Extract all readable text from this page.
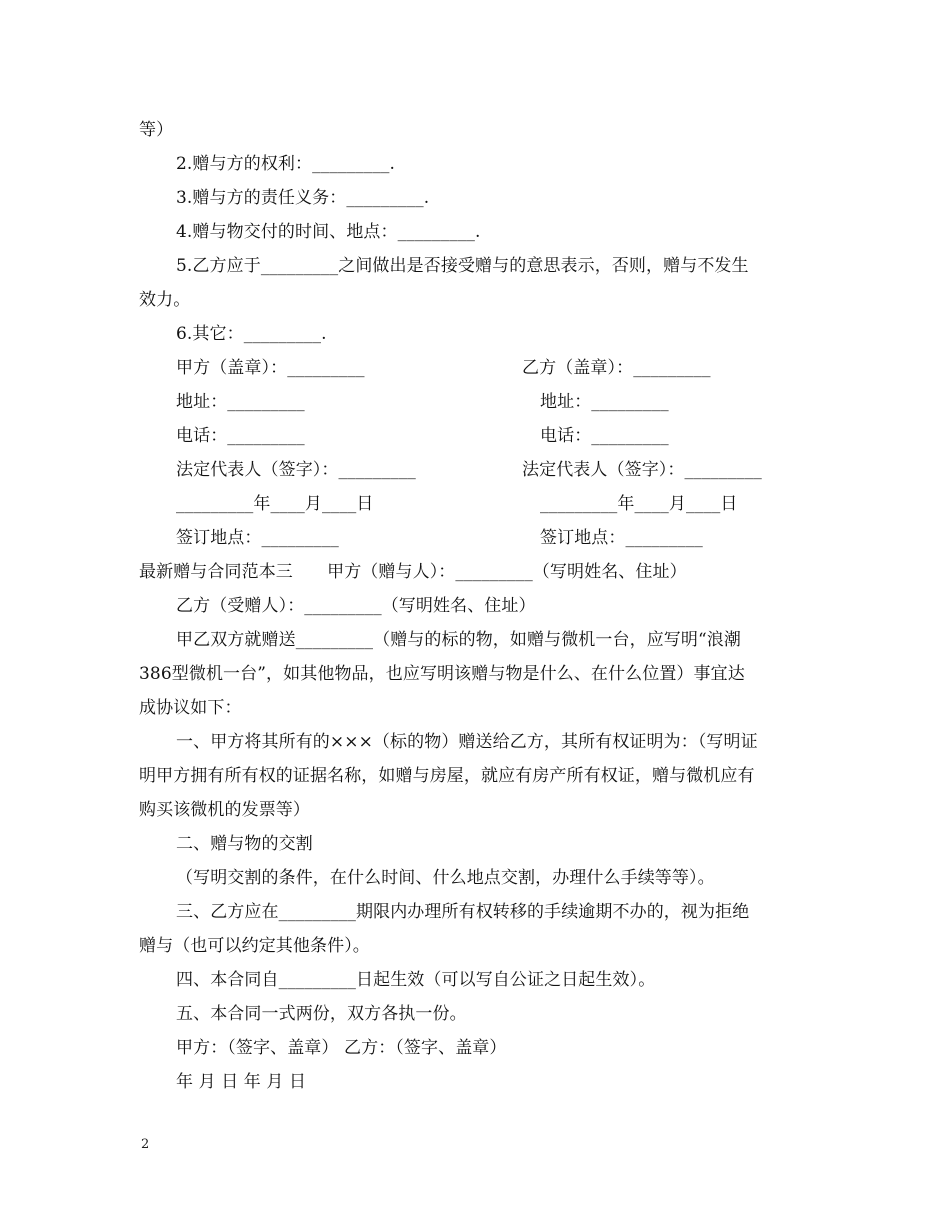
等）
2.赠与方的权利：_________.
3.赠与方的责任义务：_________.
4.赠与物交付的时间、地点：_________.
5.乙方应于_________之间做出是否接受赠与的意思表示，否则，赠与不发生
效力。
6.其它：_________.
甲方（盖章）：_________	乙方（盖章）：_________
地址：_________	地址：_________
电话：_________	电话：_________
法定代表人（签字）：_________	法定代表人（签字）：_________
_________年____月____日	_________年____月____日
签订地点：_________	签订地点：_________
最新赠与合同范本三　　甲方（赠与人）：_________（写明姓名、住址）
乙方（受赠人）：_________（写明姓名、住址）
甲乙双方就赠送_________（赠与的标的物，如赠与微机一台，应写明“浪潮
386型微机一台”，如其他物品，也应写明该赠与物是什么、在什么位置）事宜达
成协议如下：
一、甲方将其所有的×××（标的物）赠送给乙方，其所有权证明为：（写明证
明甲方拥有所有权的证据名称，如赠与房屋，就应有房产所有权证，赠与微机应有
购买该微机的发票等）
二、赠与物的交割
（写明交割的条件，在什么时间、什么地点交割，办理什么手续等等）。
三、乙方应在_________期限内办理所有权转移的手续逾期不办的，视为拒绝
赠与（也可以约定其他条件）。
四、本合同自_________日起生效（可以写自公证之日起生效）。
五、本合同一式两份，双方各执一份。
甲方：（签字、盖章） 乙方：（签字、盖章）
年 月 日 年 月 日
2
